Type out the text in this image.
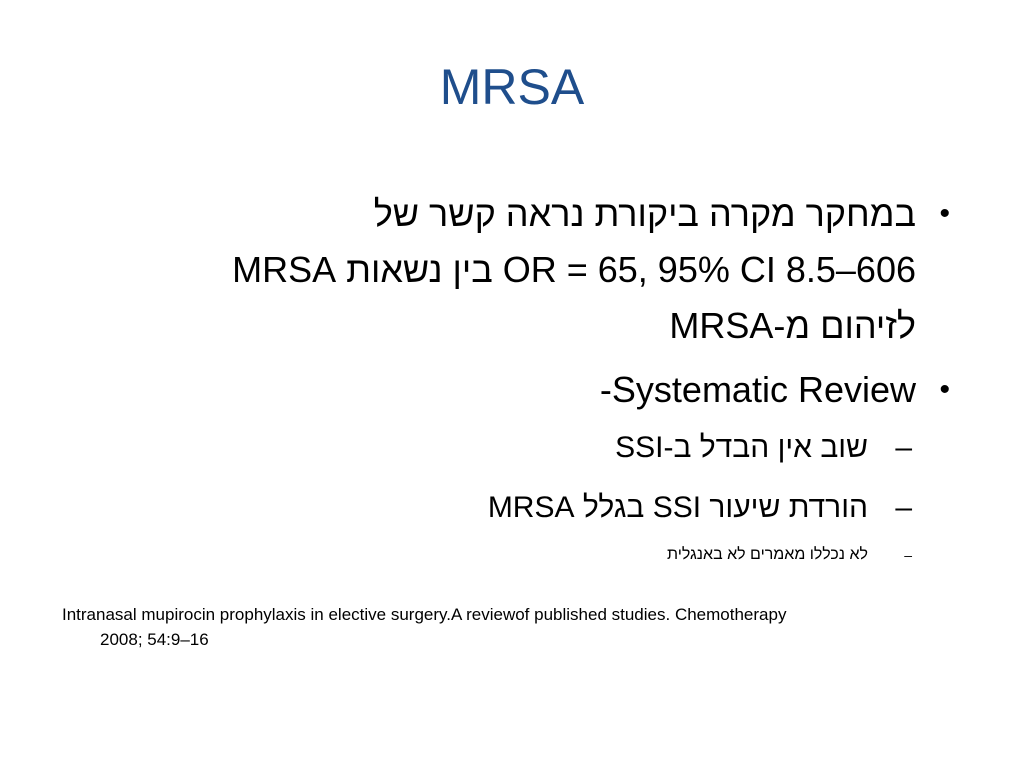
MRSA
•
במחקר מקרה ביקורת נראה קשר של
OR = 65, 95% CI 8.5–606 בין נשאות MRSA
לזיהום מ-MRSA
•
Systematic Review-
–
שוב אין הבדל ב-SSI
–
הורדת שיעור SSI בגלל MRSA
–
לא נכללו מאמרים לא באנגלית
Intranasal mupirocin prophylaxis in elective surgery.A reviewof published studies. Chemotherapy
2008; 54:9–16
